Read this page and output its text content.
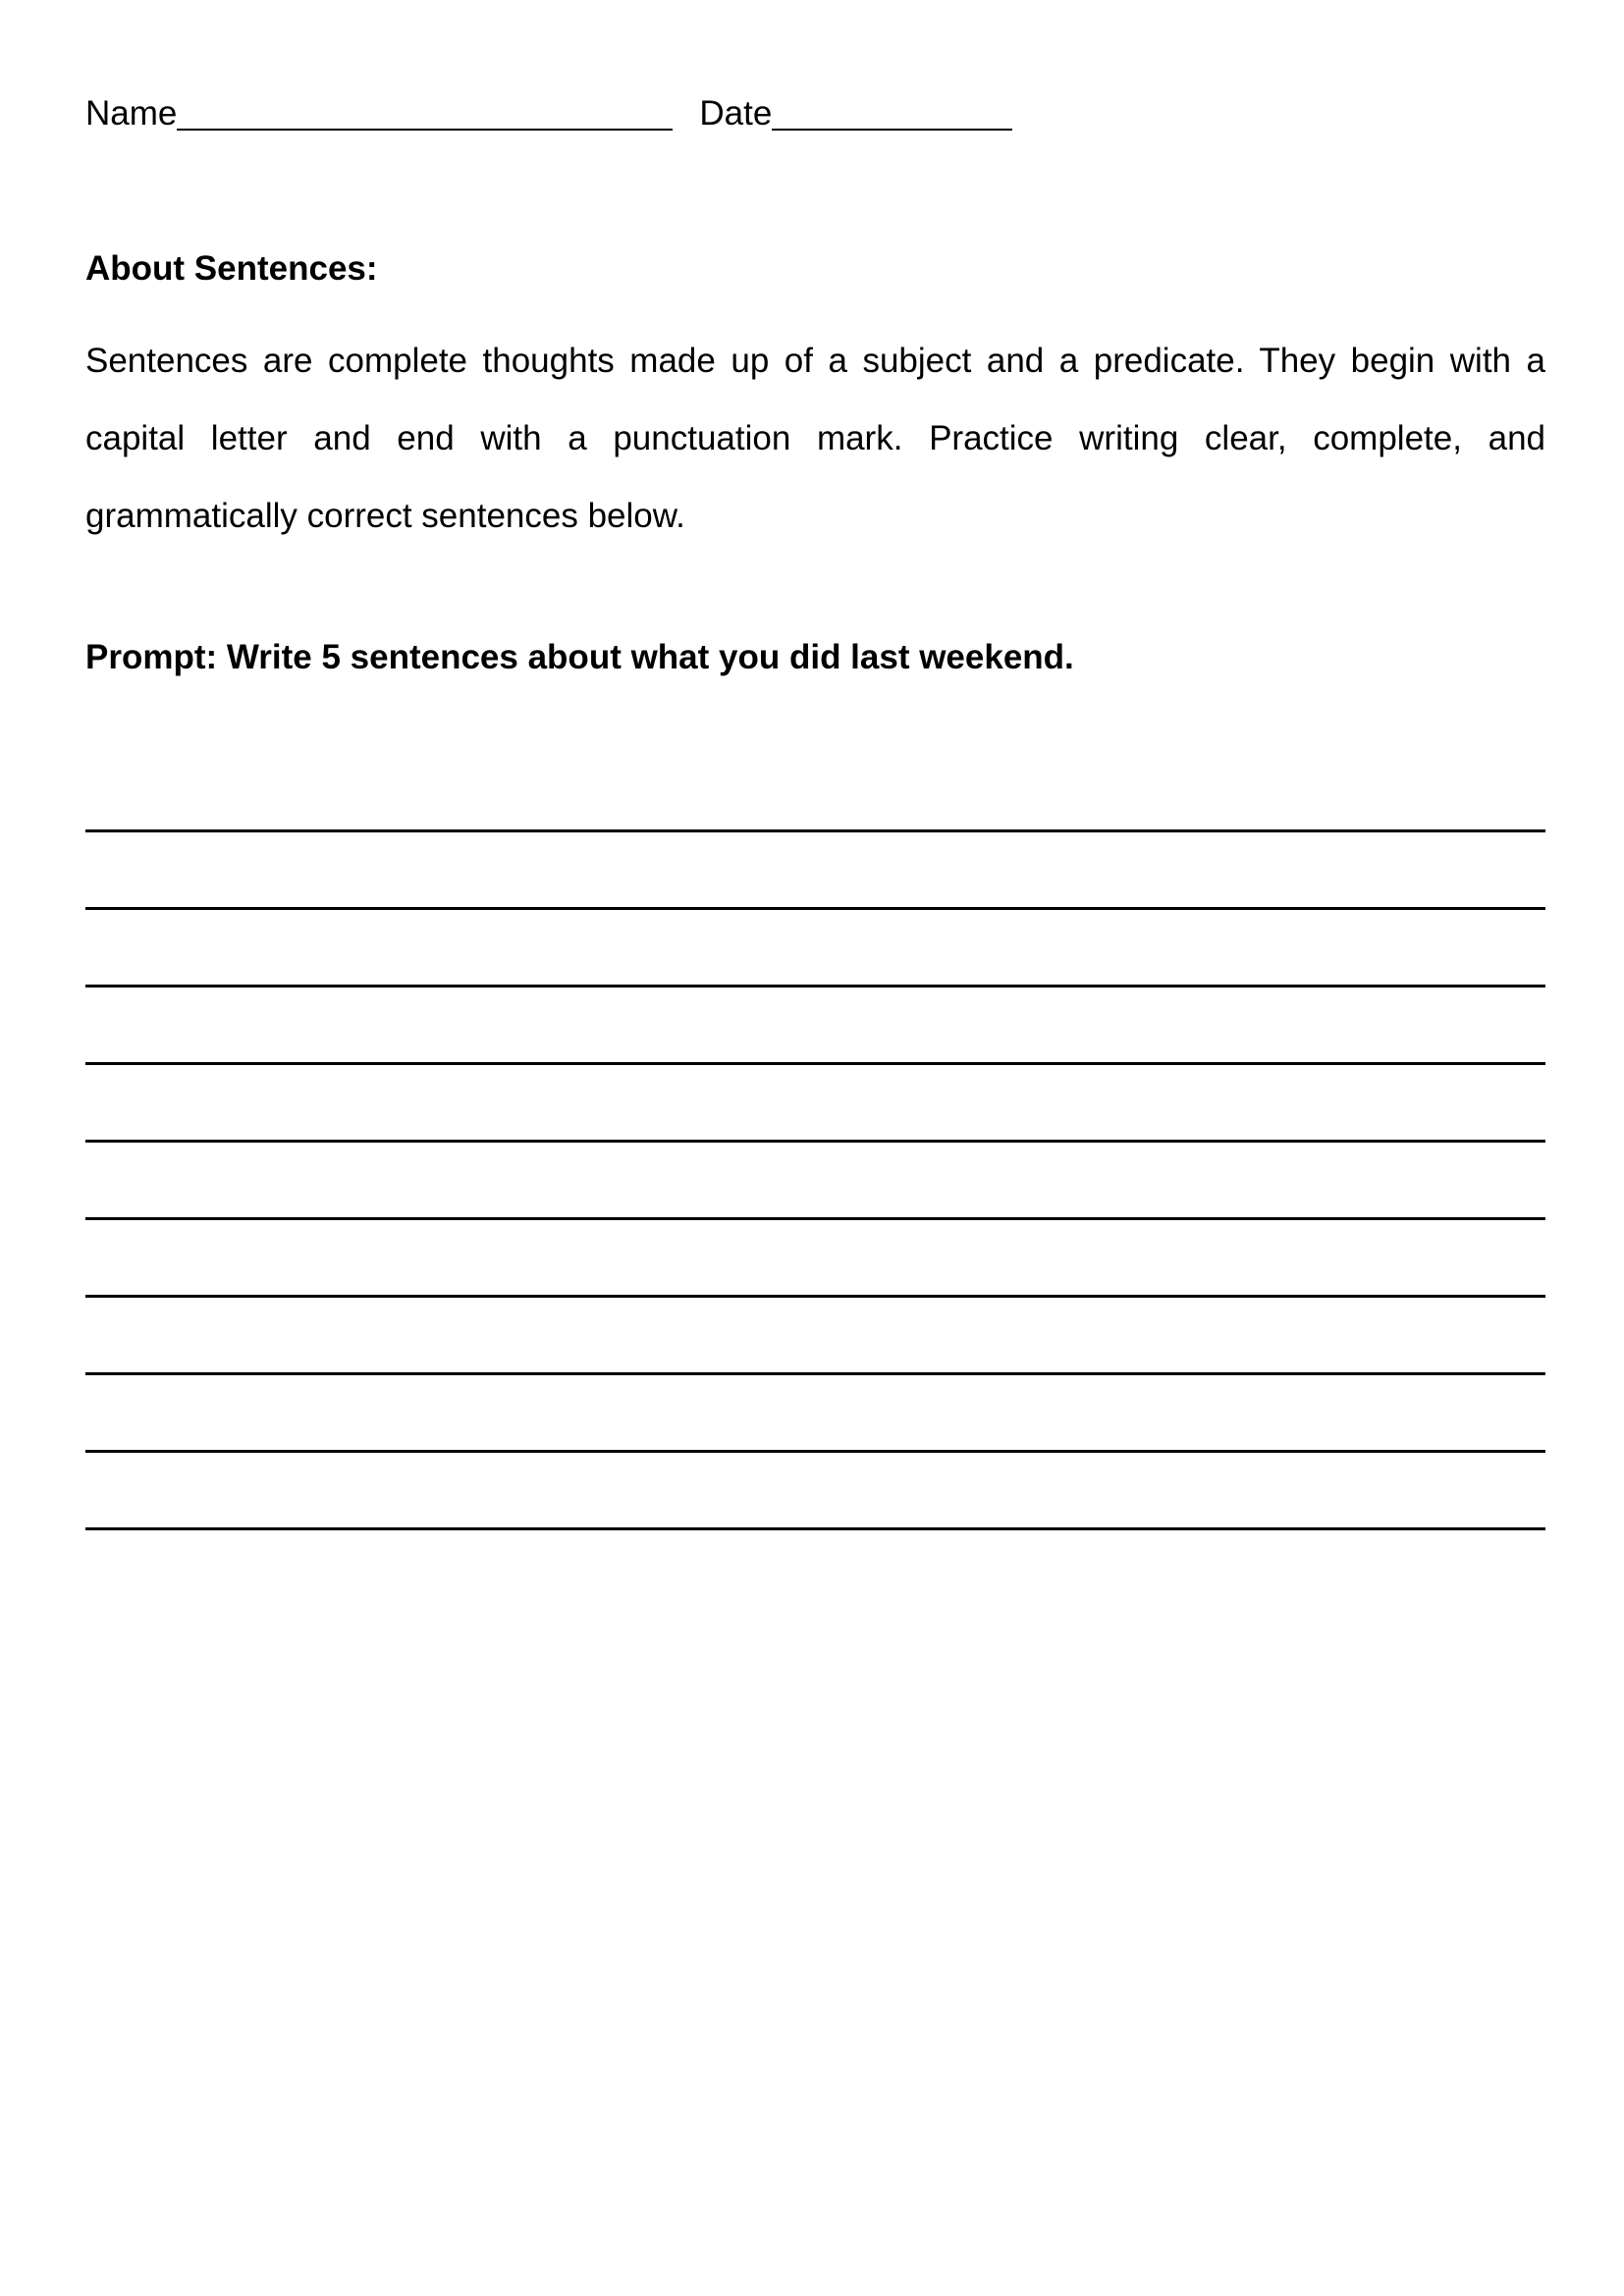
Name	Date
About Sentences:

Sentences are complete thoughts made up of a subject and a predicate. They begin with a capital letter and end with a punctuation mark. Practice writing clear, complete, and grammatically correct sentences below.

Prompt: Write 5 sentences about what you did last weekend.
